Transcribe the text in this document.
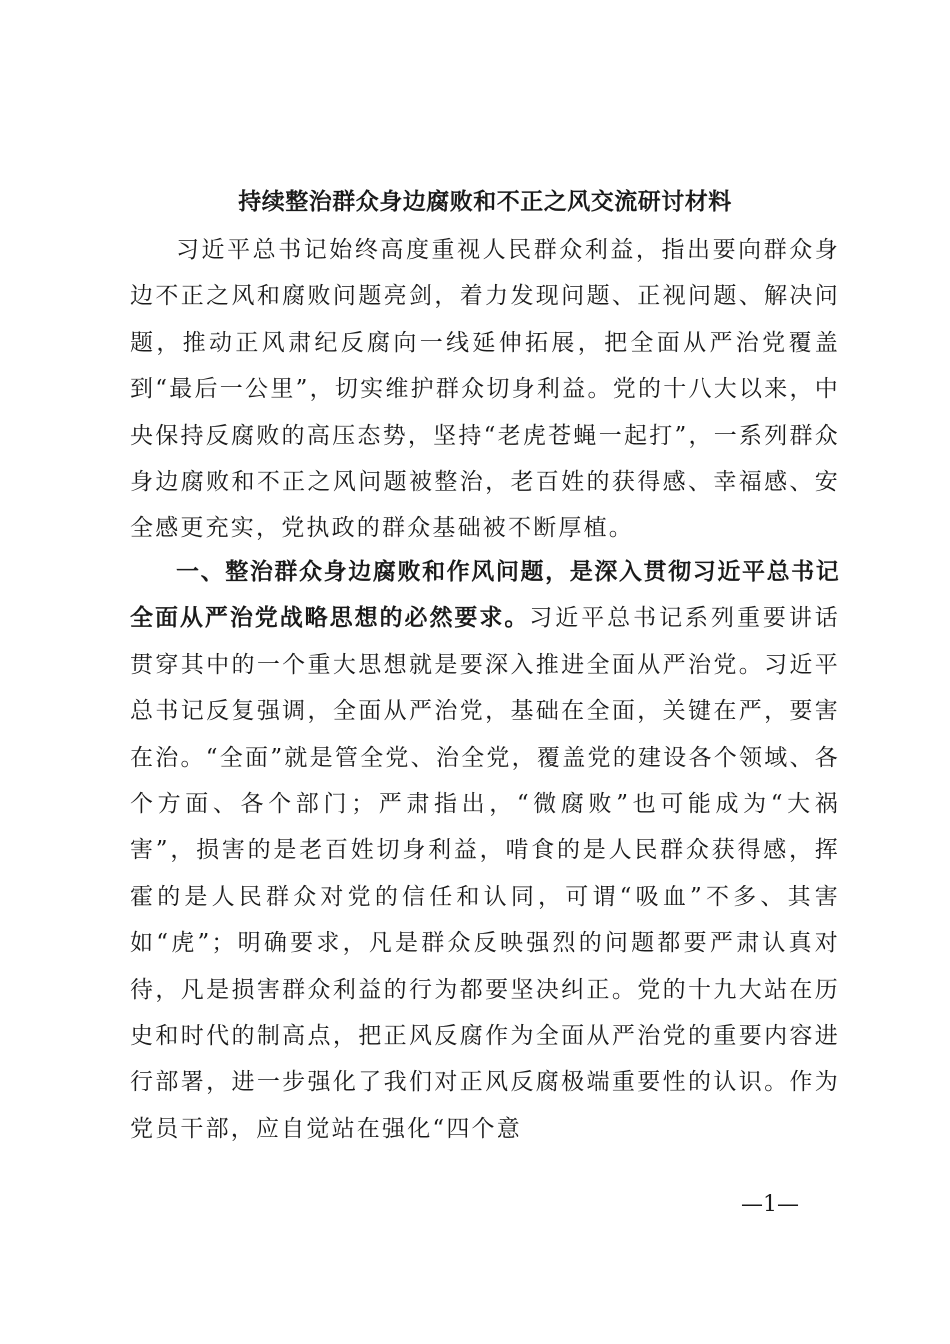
持续整治群众身边腐败和不正之风交流研讨材料

习近平总书记始终高度重视人民群众利益，指出要向群众身边不正之风和腐败问题亮剑，着力发现问题、正视问题、解决问题，推动正风肃纪反腐向一线延伸拓展，把全面从严治党覆盖到“最后一公里”，切实维护群众切身利益。党的十八大以来，中央保持反腐败的高压态势，坚持“老虎苍蝇一起打”，一系列群众身边腐败和不正之风问题被整治，老百姓的获得感、幸福感、安全感更充实，党执政的群众基础被不断厚植。

一、整治群众身边腐败和作风问题，是深入贯彻习近平总书记全面从严治党战略思想的必然要求。习近平总书记系列重要讲话贯穿其中的一个重大思想就是要深入推进全面从严治党。习近平总书记反复强调，全面从严治党，基础在全面，关键在严，要害在治。“全面”就是管全党、治全党，覆盖党的建设各个领域、各个方面、各个部门；严肃指出，“微腐败”也可能成为“大祸害”，损害的是老百姓切身利益，啃食的是人民群众获得感，挥霍的是人民群众对党的信任和认同，可谓“吸血”不多、其害如“虎”；明确要求，凡是群众反映强烈的问题都要严肃认真对待，凡是损害群众利益的行为都要坚决纠正。党的十九大站在历史和时代的制高点，把正风反腐作为全面从严治党的重要内容进行部署，进一步强化了我们对正风反腐极端重要性的认识。作为党员干部，应自觉站在强化“四个意

—1—
